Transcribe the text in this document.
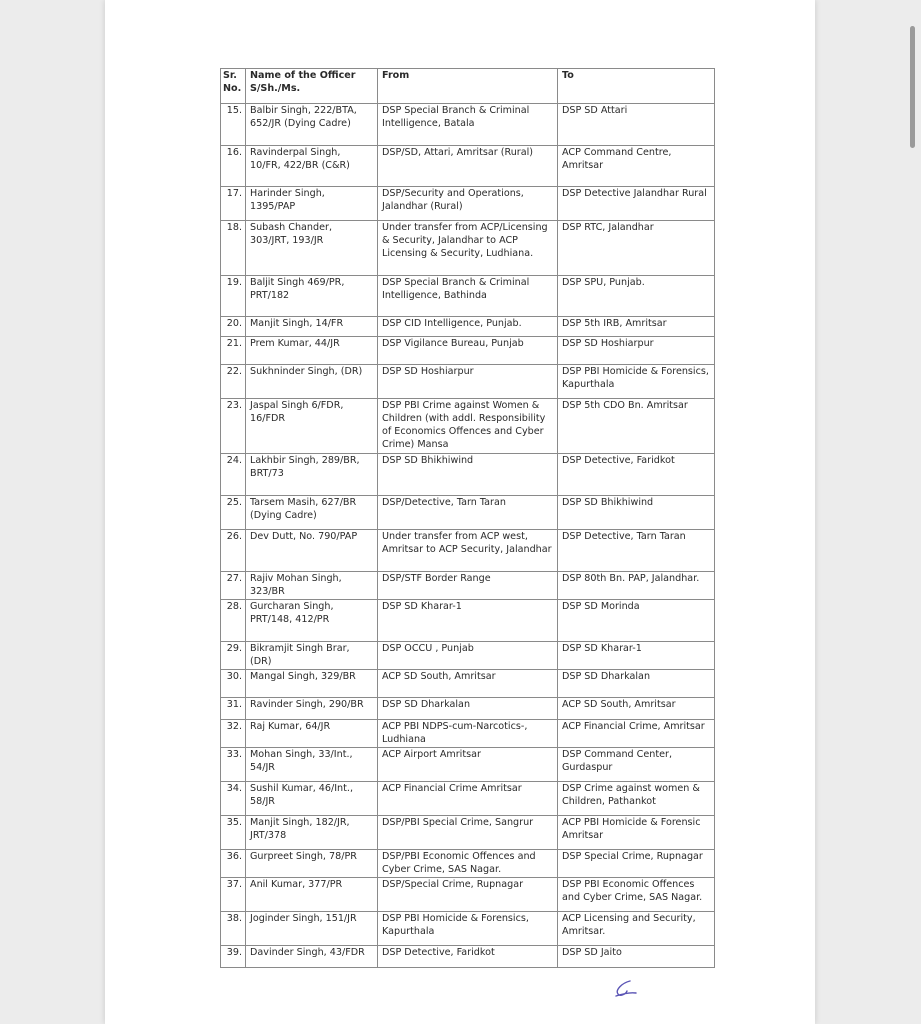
Sr. No.	Name of the Officer S/Sh./Ms.	From	To
15.	Balbir Singh, 222/BTA, 652/JR (Dying Cadre)	DSP Special Branch & Criminal Intelligence, Batala	DSP SD Attari
16.	Ravinderpal Singh, 10/FR, 422/BR (C&R)	DSP/SD, Attari, Amritsar (Rural)	ACP Command Centre, Amritsar
17.	Harinder Singh, 1395/PAP	DSP/Security and Operations, Jalandhar (Rural)	DSP Detective Jalandhar Rural
18.	Subash Chander, 303/JRT, 193/JR	Under transfer from ACP/Licensing & Security, Jalandhar to ACP Licensing & Security, Ludhiana.	DSP RTC, Jalandhar
19.	Baljit Singh 469/PR, PRT/182	DSP Special Branch & Criminal Intelligence, Bathinda	DSP SPU, Punjab.
20.	Manjit Singh, 14/FR	DSP CID Intelligence, Punjab.	DSP 5th IRB, Amritsar
21.	Prem Kumar, 44/JR	DSP Vigilance Bureau, Punjab	DSP SD Hoshiarpur
22.	Sukhninder Singh, (DR)	DSP SD Hoshiarpur	DSP PBI Homicide & Forensics, Kapurthala
23.	Jaspal Singh 6/FDR, 16/FDR	DSP PBI Crime against Women & Children (with addl. Responsibility of Economics Offences and Cyber Crime) Mansa	DSP 5th CDO Bn. Amritsar
24.	Lakhbir Singh, 289/BR, BRT/73	DSP SD Bhikhiwind	DSP Detective, Faridkot
25.	Tarsem Masih, 627/BR (Dying Cadre)	DSP/Detective, Tarn Taran	DSP SD Bhikhiwind
26.	Dev Dutt, No. 790/PAP	Under transfer from ACP west, Amritsar to ACP Security, Jalandhar	DSP Detective, Tarn Taran
27.	Rajiv Mohan Singh, 323/BR	DSP/STF Border Range	DSP 80th Bn. PAP, Jalandhar.
28.	Gurcharan Singh, PRT/148, 412/PR	DSP SD Kharar-1	DSP SD Morinda
29.	Bikramjit Singh Brar, (DR)	DSP OCCU , Punjab	DSP SD Kharar-1
30.	Mangal Singh, 329/BR	ACP SD South, Amritsar	DSP SD Dharkalan
31.	Ravinder Singh, 290/BR	DSP SD Dharkalan	ACP SD South, Amritsar
32.	Raj Kumar, 64/JR	ACP PBI NDPS-cum-Narcotics-, Ludhiana	ACP Financial Crime, Amritsar
33.	Mohan Singh, 33/Int., 54/JR	ACP Airport Amritsar	DSP Command Center, Gurdaspur
34.	Sushil Kumar, 46/Int., 58/JR	ACP Financial Crime Amritsar	DSP Crime against women & Children, Pathankot
35.	Manjit Singh, 182/JR, JRT/378	DSP/PBI Special Crime, Sangrur	ACP PBI Homicide & Forensic Amritsar
36.	Gurpreet Singh, 78/PR	DSP/PBI Economic Offences and Cyber Crime, SAS Nagar.	DSP Special Crime, Rupnagar
37.	Anil Kumar, 377/PR	DSP/Special Crime, Rupnagar	DSP PBI Economic Offences and Cyber Crime, SAS Nagar.
38.	Joginder Singh, 151/JR	DSP PBI Homicide & Forensics, Kapurthala	ACP Licensing and Security, Amritsar.
39.	Davinder Singh, 43/FDR	DSP Detective, Faridkot	DSP SD Jaito
